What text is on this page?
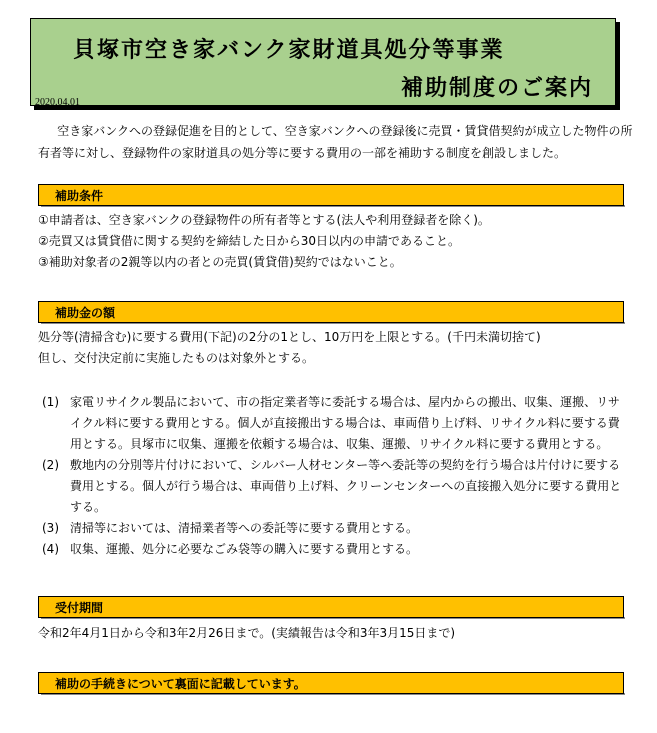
貝塚市空き家バンク家財道具処分等事業
補助制度のご案内
2020.04.01

空き家バンクへの登録促進を目的として、空き家バンクへの登録後に売買・賃貸借契約が成立した物件の所有者等に対し、登録物件の家財道具の処分等に要する費用の一部を補助する制度を創設しました。

補助条件
①申請者は、空き家バンクの登録物件の所有者等とする(法人や利用登録者を除く)。
②売買又は賃貸借に関する契約を締結した日から30日以内の申請であること。
③補助対象者の2親等以内の者との売買(賃貸借)契約ではないこと。
補助金の額
処分等(清掃含む)に要する費用(下記)の2分の1とし、10万円を上限とする。(千円未満切捨て)
但し、交付決定前に実施したものは対象外とする。
(1) 家電リサイクル製品において、市の指定業者等に委託する場合は、屋内からの搬出、収集、運搬、リサイクル料に要する費用とする。個人が直接搬出する場合は、車両借り上げ料、リサイクル料に要する費用とする。貝塚市に収集、運搬を依頼する場合は、収集、運搬、リサイクル料に要する費用とする。
(2) 敷地内の分別等片付けにおいて、シルバー人材センター等へ委託等の契約を行う場合は片付けに要する費用とする。個人が行う場合は、車両借り上げ料、クリーンセンターへの直接搬入処分に要する費用とする。
(3) 清掃等においては、清掃業者等への委託等に要する費用とする。
(4) 収集、運搬、処分に必要なごみ袋等の購入に要する費用とする。
受付期間
令和2年4月1日から令和3年2月26日まで。(実績報告は令和3年3月15日まで)
補助の手続きについて裏面に記載しています。
